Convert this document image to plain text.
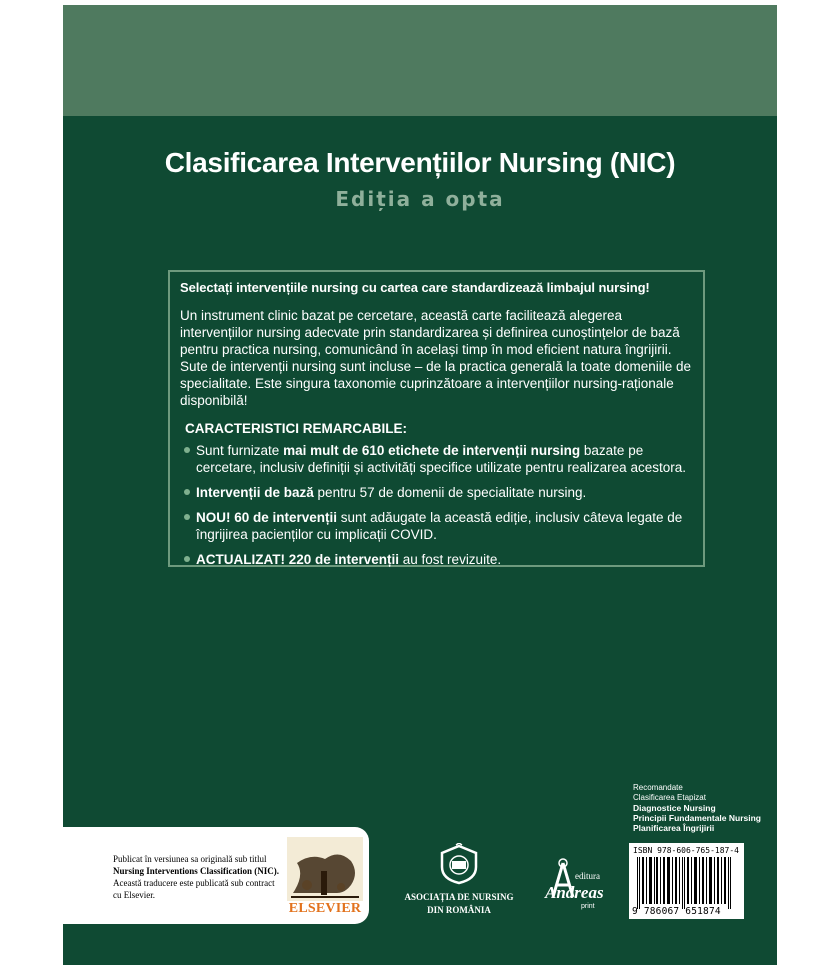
Clasificarea Intervențiilor Nursing (NIC)
Ediția a opta
Selectați intervențiile nursing cu cartea care standardizează limbajul nursing!
Un instrument clinic bazat pe cercetare, această carte facilitează alegerea intervențiilor nursing adecvate prin standardizarea și definirea cunoștințelor de bază pentru practica nursing, comunicând în același timp în mod eficient natura îngrijirii. Sute de intervenții nursing sunt incluse – de la practica generală la toate domeniile de specialitate. Este singura taxonomie cuprinzătoare a intervențiilor nursing-raționale disponibilă!
CARACTERISTICI REMARCABILE:
Sunt furnizate mai mult de 610 etichete de intervenții nursing bazate pe cercetare, inclusiv definiții și activități specifice utilizate pentru realizarea acestora.
Intervenții de bază pentru 57 de domenii de specialitate nursing.
NOU! 60 de intervenții sunt adăugate la această ediție, inclusiv câteva legate de îngrijirea pacienților cu implicații COVID.
ACTUALIZAT! 220 de intervenții au fost revizuite.
Recomandate
Clasificarea Etapizat
Diagnostice Nursing
Principii Fundamentale Nursing
Planificarea Îngrijirii
ISBN 978-606-765-187-4
9 786067 651874
Publicat în versiunea sa originală sub titlul
Nursing Interventions Classification (NIC).
Această traducere este publicată sub contract cu Elsevier.
ELSEVIER
ASOCIAȚIA DE NURSING
DIN ROMÂNIA
editura
Andreas
print
